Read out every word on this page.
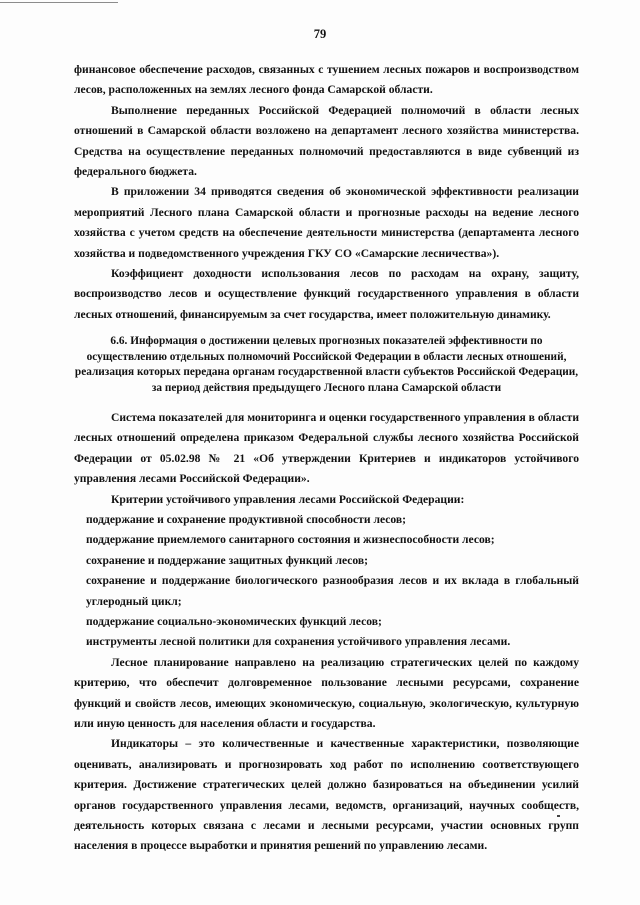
79

финансовое обеспечение расходов, связанных с тушением лесных пожаров и воспроизводством лесов, расположенных на землях лесного фонда Самарской области.

Выполнение переданных Российской Федерацией полномочий в области лесных отношений в Самарской области возложено на департамент лесного хозяйства министерства. Средства на осуществление переданных полномочий предоставляются в виде субвенций из федерального бюджета.

В приложении 34 приводятся сведения об экономической эффективности реализации мероприятий Лесного плана Самарской области и прогнозные расходы на ведение лесного хозяйства с учетом средств на обеспечение деятельности министерства (департамента лесного хозяйства и подведомственного учреждения ГКУ СО «Самарские лесничества»).

Коэффициент доходности использования лесов по расходам на охрану, защиту, воспроизводство лесов и осуществление функций государственного управления в области лесных отношений, финансируемым за счет государства, имеет положительную динамику.

6.6. Информация о достижении целевых прогнозных показателей эффективности по осуществлению отдельных полномочий Российской Федерации в области лесных отношений, реализация которых передана органам государственной власти субъектов Российской Федерации, за период действия предыдущего Лесного плана Самарской области

Система показателей для мониторинга и оценки государственного управления в области лесных отношений определена приказом Федеральной службы лесного хозяйства Российской Федерации от 05.02.98 № 21 «Об утверждении Критериев и индикаторов устойчивого управления лесами Российской Федерации».

Критерии устойчивого управления лесами Российской Федерации:

поддержание и сохранение продуктивной способности лесов;

поддержание приемлемого санитарного состояния и жизнеспособности лесов;

сохранение и поддержание защитных функций лесов;

сохранение и поддержание биологического разнообразия лесов и их вклада в глобальный углеродный цикл;

поддержание социально-экономических функций лесов;

инструменты лесной политики для сохранения устойчивого управления лесами.

Лесное планирование направлено на реализацию стратегических целей по каждому критерию, что обеспечит долговременное пользование лесными ресурсами, сохранение функций и свойств лесов, имеющих экономическую, социальную, экологическую, культурную или иную ценность для населения области и государства.

Индикаторы – это количественные и качественные характеристики, позволяющие оценивать, анализировать и прогнозировать ход работ по исполнению соответствующего критерия. Достижение стратегических целей должно базироваться на объединении усилий органов государственного управления лесами, ведомств, организаций, научных сообществ, деятельность которых связана с лесами и лесными ресурсами, участии основных групп населения в процессе выработки и принятия решений по управлению лесами.
